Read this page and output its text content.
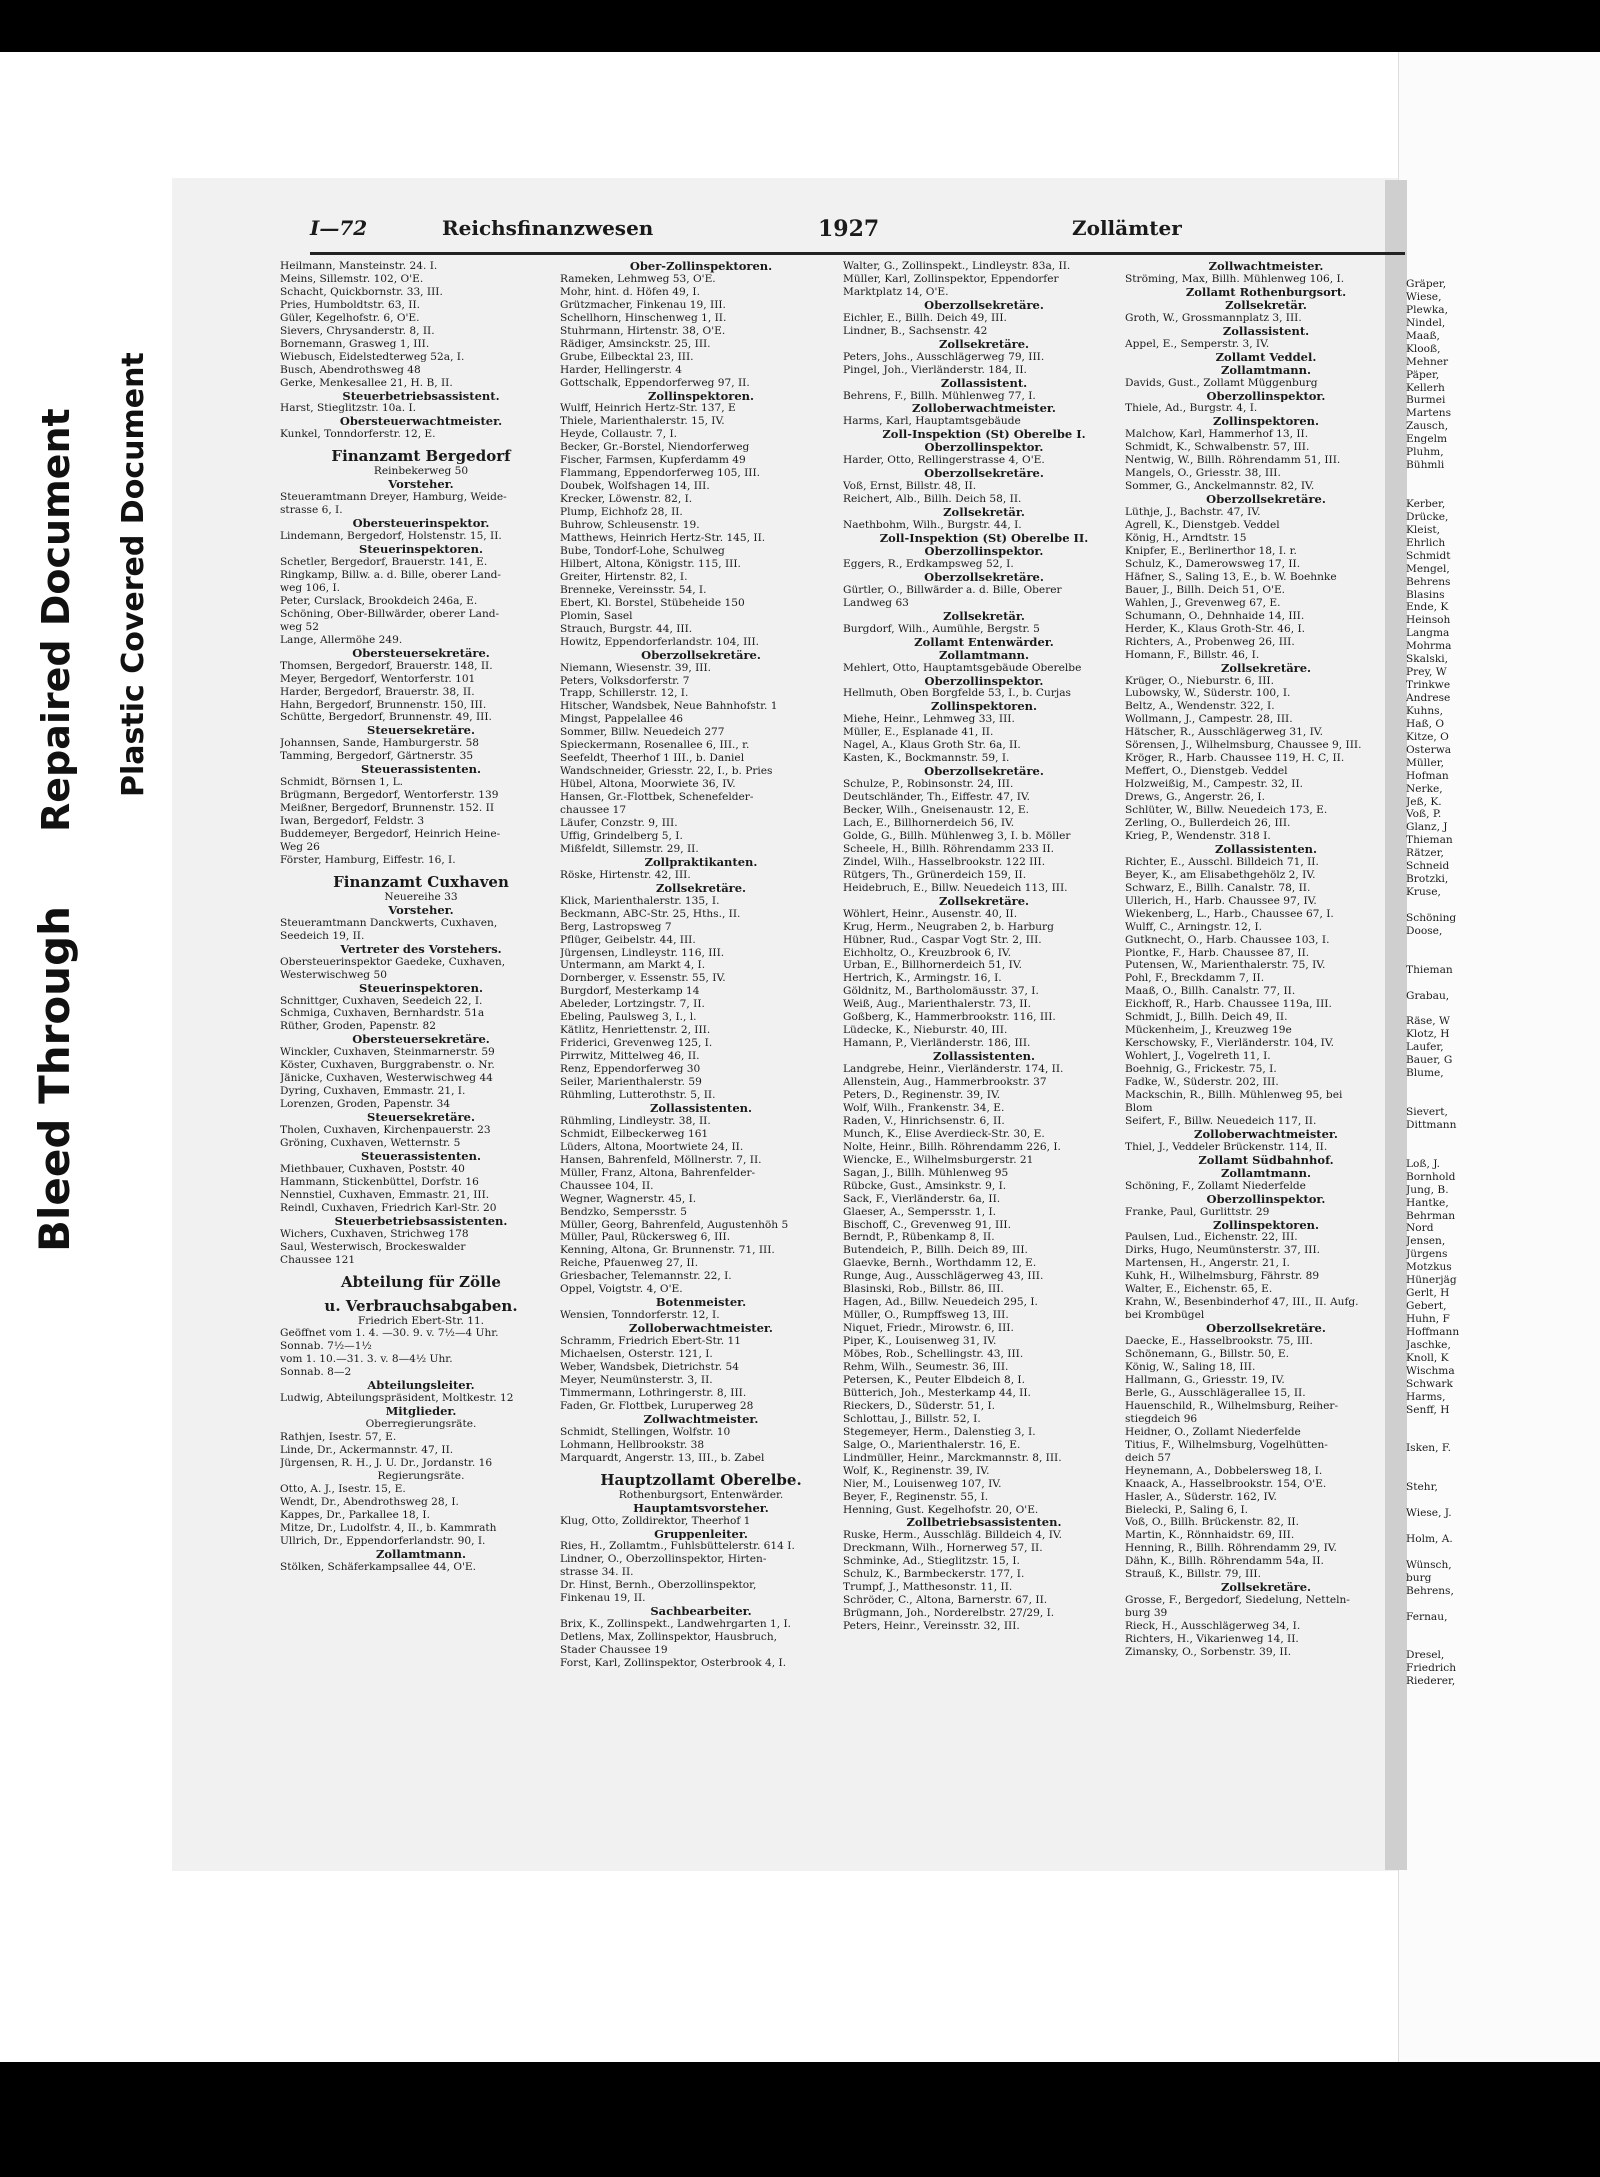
Bleed Through
Repaired Document Plastic Covered Document
I—72	Reichsfinanzwesen	1927	Zollämter
Heilmann, Mansteinstr. 24. I.
Meins, Sillemstr. 102, O'E.
Schacht, Quickbornstr. 33, III.
Pries, Humboldtstr. 63, II.
Güler, Kegelhofstr. 6, O'E.
Sievers, Chrysanderstr. 8, II.
Bornemann, Grasweg 1, III.
Wiebusch, Eidelstedterweg 52a, I.
Busch, Abendrothsweg 48
Gerke, Menkesallee 21, H. B, II.
Steuerbetriebsassistent.
Harst, Stieglitzstr. 10a. I.
Obersteuerwachtmeister.
Kunkel, Tonndorferstr. 12, E.
Finanzamt Bergedorf
Reinbekerweg 50
Vorsteher.
Steueramtmann Dreyer, Hamburg, Weide-
strasse 6, I.
Obersteuerinspektor.
Lindemann, Bergedorf, Holstenstr. 15, II.
Steuerinspektoren.
Schetler, Bergedorf, Brauerstr. 141, E.
Ringkamp, Billw. a. d. Bille, oberer Land-
weg 106, I.
Peter, Curslack, Brookdeich 246a, E.
Schöning, Ober-Billwärder, oberer Land-
weg 52
Lange, Allermöhe 249.
Obersteuersekretäre.
Thomsen, Bergedorf, Brauerstr. 148, II.
Meyer, Bergedorf, Wentorferstr. 101
Harder, Bergedorf, Brauerstr. 38, II.
Hahn, Bergedorf, Brunnenstr. 150, III.
Schütte, Bergedorf, Brunnenstr. 49, III.
Steuersekretäre.
Johannsen, Sande, Hamburgerstr. 58
Tamming, Bergedorf, Gärtnerstr. 35
Steuerassistenten.
Schmidt, Börnsen 1, L.
Brügmann, Bergedorf, Wentorferstr. 139
Meißner, Bergedorf, Brunnenstr. 152. II
Iwan, Bergedorf, Feldstr. 3
Buddemeyer, Bergedorf, Heinrich Heine-
Weg 26
Förster, Hamburg, Eiffestr. 16, I.
Finanzamt Cuxhaven
Neuereihe 33
Vorsteher.
Steueramtmann Danckwerts, Cuxhaven,
Seedeich 19, II.
Vertreter des Vorstehers.
Obersteuerinspektor Gaedeke, Cuxhaven,
Westerwischweg 50
Steuerinspektoren.
Schnittger, Cuxhaven, Seedeich 22, I.
Schmiga, Cuxhaven, Bernhardstr. 51a
Rüther, Groden, Papenstr. 82
Obersteuersekretäre.
Winckler, Cuxhaven, Steinmarnerstr. 59
Köster, Cuxhaven, Burggrabenstr. o. Nr.
Jänicke, Cuxhaven, Westerwischweg 44
Dyring, Cuxhaven, Emmastr. 21, I.
Lorenzen, Groden, Papenstr. 34
Steuersekretäre.
Tholen, Cuxhaven, Kirchenpauerstr. 23
Gröning, Cuxhaven, Wetternstr. 5
Steuerassistenten.
Miethbauer, Cuxhaven, Poststr. 40
Hammann, Stickenbüttel, Dorfstr. 16
Nennstiel, Cuxhaven, Emmastr. 21, III.
Reindl, Cuxhaven, Friedrich Karl-Str. 20
Steuerbetriebsassistenten.
Wichers, Cuxhaven, Strichweg 178
Saul, Westerwisch, Brockeswalder
Chaussee 121
Abteilung für Zölle
u. Verbrauchsabgaben.
Friedrich Ebert-Str. 11.
Geöffnet vom 1. 4. —30. 9. v. 7½—4 Uhr.
Sonnab. 7½—1½
vom 1. 10.—31. 3. v. 8—4½ Uhr.
Sonnab. 8—2
Abteilungsleiter.
Ludwig, Abteilungspräsident, Moltkestr. 12
Mitglieder.
Oberregierungsräte.
Rathjen, Isestr. 57, E.
Linde, Dr., Ackermannstr. 47, II.
Jürgensen, R. H., J. U. Dr., Jordanstr. 16
Regierungsräte.
Otto, A. J., Isestr. 15, E.
Wendt, Dr., Abendrothsweg 28, I.
Kappes, Dr., Parkallee 18, I.
Mitze, Dr., Ludolfstr. 4, II., b. Kammrath
Ullrich, Dr., Eppendorferlandstr. 90, I.
Zollamtmann.
Stölken, Schäferkampsallee 44, O'E.
Ober-Zollinspektoren.
Rameken, Lehmweg 53, O'E.
Mohr, hint. d. Höfen 49, I.
Grützmacher, Finkenau 19, III.
Schellhorn, Hinschenweg 1, II.
Stuhrmann, Hirtenstr. 38, O'E.
Rädiger, Amsinckstr. 25, III.
Grube, Eilbecktal 23, III.
Harder, Hellingerstr. 4
Gottschalk, Eppendorferweg 97, II.
Zollinspektoren.
Wulff, Heinrich Hertz-Str. 137, E
Thiele, Marienthalerstr. 15, IV.
Heyde, Collaustr. 7, I.
Becker, Gr.-Borstel, Niendorferweg
Fischer, Farmsen, Kupferdamm 49
Flammang, Eppendorferweg 105, III.
Doubek, Wolfshagen 14, III.
Krecker, Löwenstr. 82, I.
Plump, Eichhofz 28, II.
Buhrow, Schleusenstr. 19.
Matthews, Heinrich Hertz-Str. 145, II.
Bube, Tondorf-Lohe, Schulweg
Hilbert, Altona, Königstr. 115, III.
Greiter, Hirtenstr. 82, I.
Brenneke, Vereinsstr. 54, I.
Ebert, Kl. Borstel, Stübeheide 150
Plomin, Sasel
Strauch, Burgstr. 44, III.
Howitz, Eppendorferlandstr. 104, III.
Oberzollsekretäre.
Niemann, Wiesenstr. 39, III.
Peters, Volksdorferstr. 7
Trapp, Schillerstr. 12, I.
Hitscher, Wandsbek, Neue Bahnhofstr. 1
Mingst, Pappelallee 46
Sommer, Billw. Neuedeich 277
Spieckermann, Rosenallee 6, III., r.
Seefeldt, Theerhof 1 III., b. Daniel
Wandschneider, Griesstr. 22, I., b. Pries
Hübel, Altona, Moorwiete 36, IV.
Hansen, Gr.-Flottbek, Schenefelder-
chaussee 17
Läufer, Conzstr. 9, III.
Uffig, Grindelberg 5, I.
Mißfeldt, Sillemstr. 29, II.
Zollpraktikanten.
Röske, Hirtenstr. 42, III.
Zollsekretäre.
Klick, Marienthalerstr. 135, I.
Beckmann, ABC-Str. 25, Hths., II.
Berg, Lastropsweg 7
Pflüger, Geibelstr. 44, III.
Jürgensen, Lindleystr. 116, III.
Untermann, am Markt 4, I.
Dornberger, v. Essenstr. 55, IV.
Burgdorf, Mesterkamp 14
Abeleder, Lortzingstr. 7, II.
Ebeling, Paulsweg 3, I., l.
Kätlitz, Henriettenstr. 2, III.
Friderici, Grevenweg 125, I.
Pirrwitz, Mittelweg 46, II.
Renz, Eppendorferweg 30
Seiler, Marienthalerstr. 59
Rühmling, Lutterothstr. 5, II.
Zollassistenten.
Rühmling, Lindleystr. 38, II.
Schmidt, Eilbeckerweg 161
Lüders, Altona, Moortwiete 24, II.
Hansen, Bahrenfeld, Möllnerstr. 7, II.
Müller, Franz, Altona, Bahrenfelder-
Chaussee 104, II.
Wegner, Wagnerstr. 45, I.
Bendzko, Sempersstr. 5
Müller, Georg, Bahrenfeld, Augustenhöh 5
Müller, Paul, Rückersweg 6, III.
Kenning, Altona, Gr. Brunnenstr. 71, III.
Reiche, Pfauenweg 27, II.
Griesbacher, Telemannstr. 22, I.
Oppel, Voigtstr. 4, O'E.
Botenmeister.
Wensien, Tonndorferstr. 12, I.
Zolloberwachtmeister.
Schramm, Friedrich Ebert-Str. 11
Michaelsen, Osterstr. 121, I.
Weber, Wandsbek, Dietrichstr. 54
Meyer, Neumünsterstr. 3, II.
Timmermann, Lothringerstr. 8, III.
Faden, Gr. Flottbek, Luruperweg 28
Zollwachtmeister.
Schmidt, Stellingen, Wolfstr. 10
Lohmann, Hellbrookstr. 38
Marquardt, Angerstr. 13, III., b. Zabel
Hauptzollamt Oberelbe.
Rothenburgsort, Entenwärder.
Hauptamtsvorsteher.
Klug, Otto, Zolldirektor, Theerhof 1
Gruppenleiter.
Ries, H., Zollamtm., Fuhlsbüttelerstr. 614 I.
Lindner, O., Oberzollinspektor, Hirten-
strasse 34. II.
Dr. Hinst, Bernh., Oberzollinspektor,
Finkenau 19, II.
Sachbearbeiter.
Brix, K., Zollinspekt., Landwehrgarten 1, I.
Detlens, Max, Zollinspektor, Hausbruch,
Stader Chaussee 19
Forst, Karl, Zollinspektor, Osterbrook 4, I.
Walter, G., Zollinspekt., Lindleystr. 83a, II.
Müller, Karl, Zollinspektor, Eppendorfer
Marktplatz 14, O'E.
Oberzollsekretäre.
Eichler, E., Billh. Deich 49, III.
Lindner, B., Sachsenstr. 42
Zollsekretäre.
Peters, Johs., Ausschlägerweg 79, III.
Pingel, Joh., Vierländerstr. 184, II.
Zollassistent.
Behrens, F., Billh. Mühlenweg 77, I.
Zolloberwachtmeister.
Harms, Karl, Hauptamtsgebäude
Zoll-Inspektion (St) Oberelbe I.
Oberzollinspektor.
Harder, Otto, Rellingerstrasse 4, O'E.
Oberzollsekretäre.
Voß, Ernst, Billstr. 48, II.
Reichert, Alb., Billh. Deich 58, II.
Zollsekretär.
Naethbohm, Wilh., Burgstr. 44, I.
Zoll-Inspektion (St) Oberelbe II.
Oberzollinspektor.
Eggers, R., Erdkampsweg 52, I.
Oberzollsekretäre.
Gürtler, O., Billwärder a. d. Bille, Oberer
Landweg 63
Zollsekretär.
Burgdorf, Wilh., Aumühle, Bergstr. 5
Zollamt Entenwärder.
Zollamtmann.
Mehlert, Otto, Hauptamtsgebäude Oberelbe
Oberzollinspektor.
Hellmuth, Oben Borgfelde 53, I., b. Curjas
Zollinspektoren.
Miehe, Heinr., Lehmweg 33, III.
Müller, E., Esplanade 41, II.
Nagel, A., Klaus Groth Str. 6a, II.
Kasten, K., Bockmannstr. 59, I.
Oberzollsekretäre.
Schulze, P., Robinsonstr. 24, III.
Deutschländer, Th., Eiffestr. 47, IV.
Becker, Wilh., Gneisenaustr. 12, E.
Lach, E., Billhornerdeich 56, IV.
Golde, G., Billh. Mühlenweg 3, I. b. Möller
Scheele, H., Billh. Röhrendamm 233 II.
Zindel, Wilh., Hasselbrookstr. 122 III.
Rütgers, Th., Grünerdeich 159, II.
Heidebruch, E., Billw. Neuedeich 113, III.
Zollsekretäre.
Wöhlert, Heinr., Ausenstr. 40, II.
Krug, Herm., Neugraben 2, b. Harburg
Hübner, Rud., Caspar Vogt Str. 2, III.
Eichholtz, O., Kreuzbrook 6, IV.
Urban, E., Billhornerdeich 51, IV.
Hertrich, K., Armingstr. 16, I.
Göldnitz, M., Bartholomäusstr. 37, I.
Weiß, Aug., Marienthalerstr. 73, II.
Goßberg, K., Hammerbrookstr. 116, III.
Lüdecke, K., Nieburstr. 40, III.
Hamann, P., Vierländerstr. 186, III.
Zollassistenten.
Landgrebe, Heinr., Vierländerstr. 174, II.
Allenstein, Aug., Hammerbrookstr. 37
Peters, D., Reginenstr. 39, IV.
Wolf, Wilh., Frankenstr. 34, E.
Raden, V., Hinrichsenstr. 6, II.
Munch, K., Elise Averdieck-Str. 30, E.
Nolte, Heinr., Billh. Röhrendamm 226, I.
Wiencke, E., Wilhelmsburgerstr. 21
Sagan, J., Billh. Mühlenweg 95
Rübcke, Gust., Amsinkstr. 9, I.
Sack, F., Vierländerstr. 6a, II.
Glaeser, A., Sempersstr. 1, I.
Bischoff, C., Grevenweg 91, III.
Berndt, P., Rübenkamp 8, II.
Butendeich, P., Billh. Deich 89, III.
Glaevke, Bernh., Worthdamm 12, E.
Runge, Aug., Ausschlägerweg 43, III.
Blasinski, Rob., Billstr. 86, III.
Hagen, Ad., Billw. Neuedeich 295, I.
Müller, O., Rumpffsweg 13, III.
Niquet, Friedr., Mirowstr. 6, III.
Piper, K., Louisenweg 31, IV.
Möbes, Rob., Schellingstr. 43, III.
Rehm, Wilh., Seumestr. 36, III.
Petersen, K., Peuter Elbdeich 8, I.
Bütterich, Joh., Mesterkamp 44, II.
Rieckers, D., Süderstr. 51, I.
Schlottau, J., Billstr. 52, I.
Stegemeyer, Herm., Dalenstieg 3, I.
Salge, O., Marienthalerstr. 16, E.
Lindmüller, Heinr., Marckmannstr. 8, III.
Wolf, K., Reginenstr. 39, IV.
Nier, M., Louisenweg 107, IV.
Beyer, F., Reginenstr. 55, I.
Henning, Gust. Kegelhofstr. 20, O'E.
Zollbetriebsassistenten.
Ruske, Herm., Ausschläg. Billdeich 4, IV.
Dreckmann, Wilh., Hornerweg 57, II.
Schminke, Ad., Stieglitzstr. 15, I.
Schulz, K., Barmbeckerstr. 177, I.
Trumpf, J., Matthesonstr. 11, II.
Schröder, C., Altona, Barnerstr. 67, II.
Brügmann, Joh., Norderelbstr. 27/29, I.
Peters, Heinr., Vereinsstr. 32, III.
Zollwachtmeister.
Ströming, Max, Billh. Mühlenweg 106, I.
Zollamt Rothenburgsort.
Zollsekretär.
Groth, W., Grossmannplatz 3, III.
Zollassistent.
Appel, E., Semperstr. 3, IV.
Zollamt Veddel.
Zollamtmann.
Davids, Gust., Zollamt Müggenburg
Oberzollinspektor.
Thiele, Ad., Burgstr. 4, I.
Zollinspektoren.
Malchow, Karl, Hammerhof 13, II.
Schmidt, K., Schwalbenstr. 57, III.
Nentwig, W., Billh. Röhrendamm 51, III.
Mangels, O., Griesstr. 38, III.
Sommer, G., Anckelmannstr. 82, IV.
Oberzollsekretäre.
Lüthje, J., Bachstr. 47, IV.
Agrell, K., Dienstgeb. Veddel
König, H., Arndtstr. 15
Knipfer, E., Berlinerthor 18, I. r.
Schulz, K., Damerowsweg 17, II.
Häfner, S., Saling 13, E., b. W. Boehnke
Bauer, J., Billh. Deich 51, O'E.
Wahlen, J., Grevenweg 67, E.
Schumann, O., Dehnhaide 14, III.
Herder, K., Klaus Groth-Str. 46, I.
Richters, A., Probenweg 26, III.
Homann, F., Billstr. 46, I.
Zollsekretäre.
Krüger, O., Nieburstr. 6, III.
Lubowsky, W., Süderstr. 100, I.
Beltz, A., Wendenstr. 322, I.
Wollmann, J., Campestr. 28, III.
Hätscher, R., Ausschlägerweg 31, IV.
Sörensen, J., Wilhelmsburg, Chaussee 9, III.
Kröger, R., Harb. Chaussee 119, H. C, II.
Meffert, O., Dienstgeb. Veddel
Holzweißig, M., Campestr. 32, II.
Drews, G., Angerstr. 26, I.
Schlüter, W., Billw. Neuedeich 173, E.
Zerling, O., Bullerdeich 26, III.
Krieg, P., Wendenstr. 318 I.
Zollassistenten.
Richter, E., Ausschl. Billdeich 71, II.
Beyer, K., am Elisabethgehölz 2, IV.
Schwarz, E., Billh. Canalstr. 78, II.
Ullerich, H., Harb. Chaussee 97, IV.
Wiekenberg, L., Harb., Chaussee 67, I.
Wulff, C., Arningstr. 12, I.
Gutknecht, O., Harb. Chaussee 103, I.
Piontke, F., Harb. Chaussee 87, II.
Putensen, W., Marienthalerstr. 75, IV.
Pohl, F., Breckdamm 7, II.
Maaß, O., Billh. Canalstr. 77, II.
Eickhoff, R., Harb. Chaussee 119a, III.
Schmidt, J., Billh. Deich 49, II.
Mückenheim, J., Kreuzweg 19e
Kerschowsky, F., Vierländerstr. 104, IV.
Wohlert, J., Vogelreth 11, I.
Boehnig, G., Frickestr. 75, I.
Fadke, W., Süderstr. 202, III.
Mackschin, R., Billh. Mühlenweg 95, bei
Blom
Seifert, F., Billw. Neuedeich 117, II.
Zolloberwachtmeister.
Thiel, J., Veddeler Brückenstr. 114, II.
Zollamt Südbahnhof.
Zollamtmann.
Schöning, F., Zollamt Niederfelde
Oberzollinspektor.
Franke, Paul, Gurlittstr. 29
Zollinspektoren.
Paulsen, Lud., Eichenstr. 22, III.
Dirks, Hugo, Neumünsterstr. 37, III.
Martensen, H., Angerstr. 21, I.
Kuhk, H., Wilhelmsburg, Fährstr. 89
Walter, E., Eichenstr. 65, E.
Krahn, W., Besenbinderhof 47, III., II. Aufg.
bei Krombügel
Oberzollsekretäre.
Daecke, E., Hasselbrookstr. 75, III.
Schönemann, G., Billstr. 50, E.
König, W., Saling 18, III.
Hallmann, G., Griesstr. 19, IV.
Berle, G., Ausschlägerallee 15, II.
Hauenschild, R., Wilhelmsburg, Reiher-
stiegdeich 96
Heidner, O., Zollamt Niederfelde
Titius, F., Wilhelmsburg, Vogelhütten-
deich 57
Heynemann, A., Dobbelersweg 18, I.
Knaack, A., Hasselbrookstr. 154, O'E.
Hasler, A., Süderstr. 162, IV.
Bielecki, P., Saling 6, I.
Voß, O., Billh. Brückenstr. 82, II.
Martin, K., Rönnhaidstr. 69, III.
Henning, R., Billh. Röhrendamm 29, IV.
Dähn, K., Billh. Röhrendamm 54a, II.
Strauß, K., Billstr. 79, III.
Zollsekretäre.
Grosse, F., Bergedorf, Siedelung, Netteln-
burg 39
Rieck, H., Ausschlägerweg 34, I.
Richters, H., Vikarienweg 14, II.
Zimansky, O., Sorbenstr. 39, II.
Gräper,
Wiese,
Plewka,
Nindel,
Maaß,
Klooß,
Mehner
Päper,
Kellerh
Burmei
Martens
Zausch,
Engelm
Pluhm,
Bühmli
Kerber,
Drücke,
Kleist,
Ehrlich
Schmidt
Mengel,
Behrens
Blasins
Ende, K
Heinsoh
Langma
Mohrma
Skalski,
Prey, W
Trinkwe
Andrese
Kuhns,
Haß, O
Kitze, O
Osterwa
Müller,
Hofman
Nerke,
Jeß, K.
Voß, P.
Glanz, J
Thieman
Rätzer,
Schneid
Brotzki,
Kruse,
Schöning
Doose,
Thieman
Grabau,
Räse, W
Klotz, H
Laufer,
Bauer, G
Blume,
Sievert,
Dittmann
Loß, J.
Bornhold
Jung, B.
Hantke,
Behrman
Nord
Jensen,
Jürgens
Motzkus
Hünerjäg
Gerlt, H
Gebert,
Huhn, F
Hoffmann
Jaschke,
Knoll, K
Wischma
Schwark
Harms,
Senff, H
Isken, F.
Stehr,
Wiese, J.
Holm, A.
Wünsch,
burg
Behrens,
Fernau,
Dresel,
Friedrich
Riederer,
